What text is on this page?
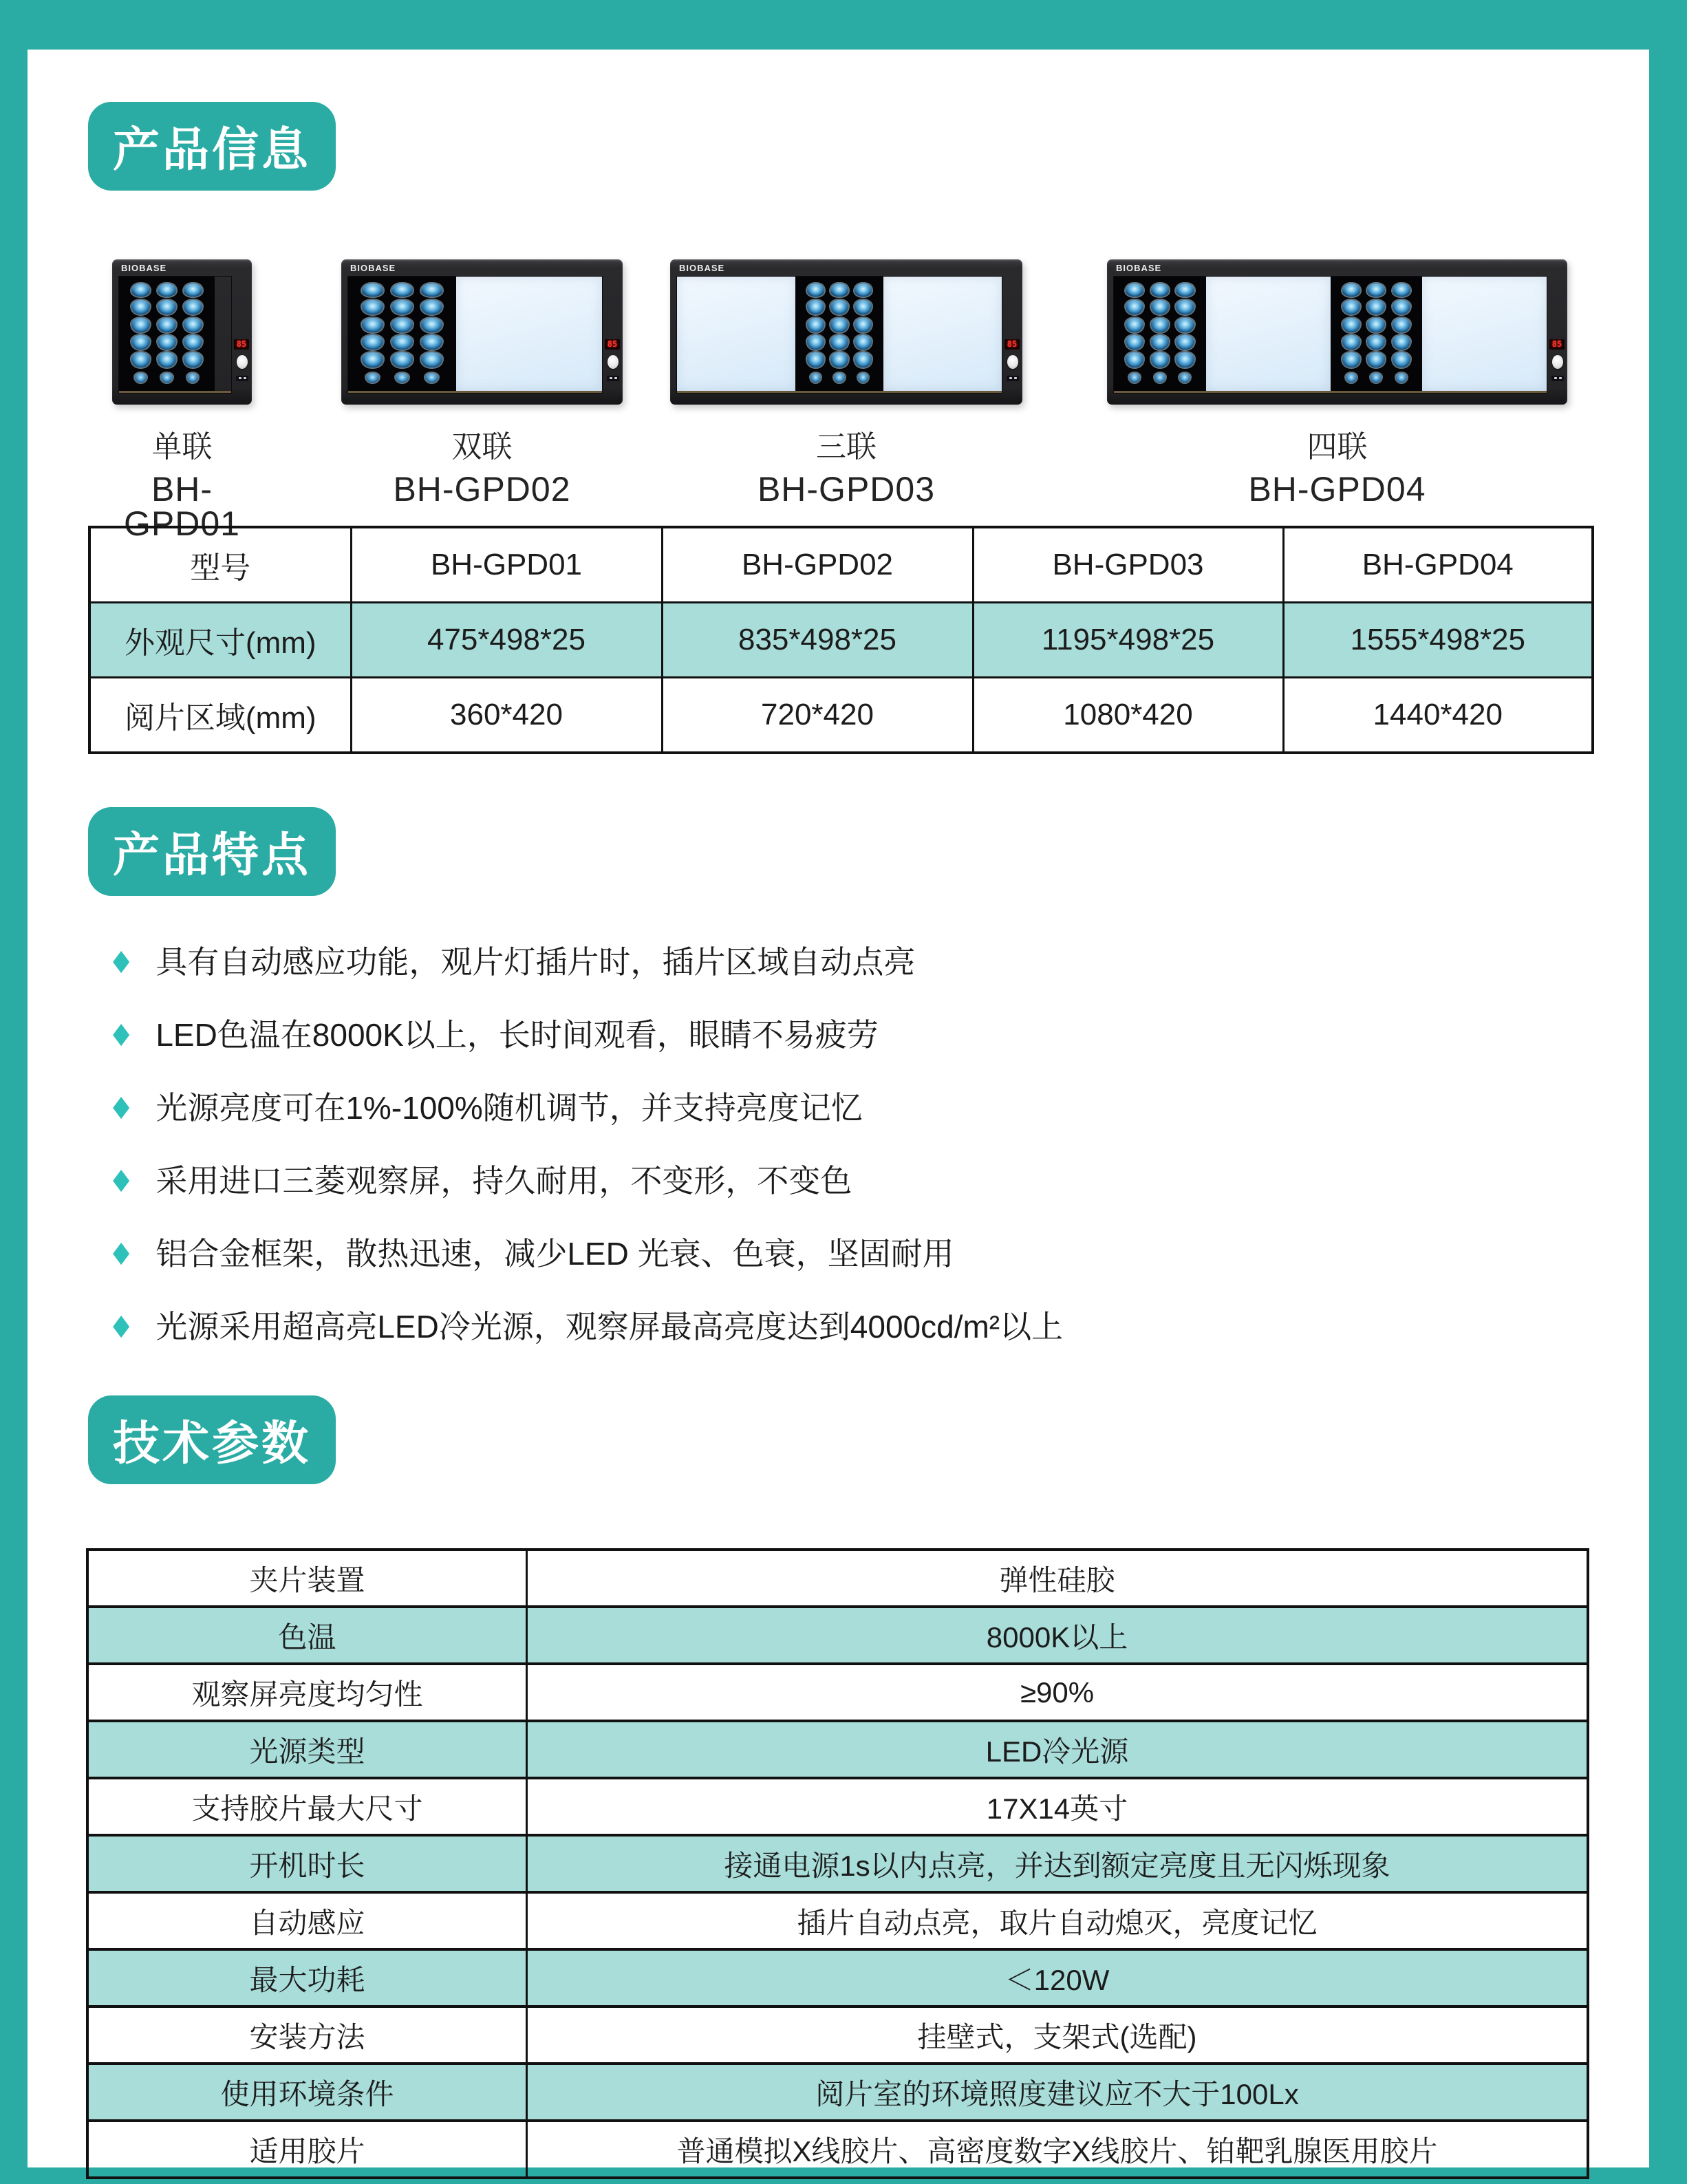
产品信息
BIOBASE
85
单联
BH-GPD01
BIOBASE
85
双联
BH-GPD02
BIOBASE
85
三联
BH-GPD03
BIOBASE
85
四联
BH-GPD04
型号	BH-GPD01	BH-GPD02	BH-GPD03	BH-GPD04
外观尺寸(mm)	475*498*25	835*498*25	1195*498*25	1555*498*25
阅片区域(mm)	360*420	720*420	1080*420	1440*420
产品特点
◆ 具有自动感应功能，观片灯插片时，插片区域自动点亮
◆ LED色温在8000K以上，长时间观看，眼睛不易疲劳
◆ 光源亮度可在1%-100%随机调节，并支持亮度记忆
◆ 采用进口三菱观察屏，持久耐用，不变形，不变色
◆ 铝合金框架，散热迅速，减少LED 光衰、色衰，坚固耐用
◆ 光源采用超高亮LED冷光源，观察屏最高亮度达到4000cd/m²以上
技术参数
夹片装置	弹性硅胶
色温	8000K以上
观察屏亮度均匀性	≥90%
光源类型	LED冷光源
支持胶片最大尺寸	17X14英寸
开机时长	接通电源1s以内点亮，并达到额定亮度且无闪烁现象
自动感应	插片自动点亮，取片自动熄灭，亮度记忆
最大功耗	＜120W
安装方法	挂壁式，支架式(选配)
使用环境条件	阅片室的环境照度建议应不大于100Lx
适用胶片	普通模拟X线胶片、高密度数字X线胶片、铂靶乳腺医用胶片
